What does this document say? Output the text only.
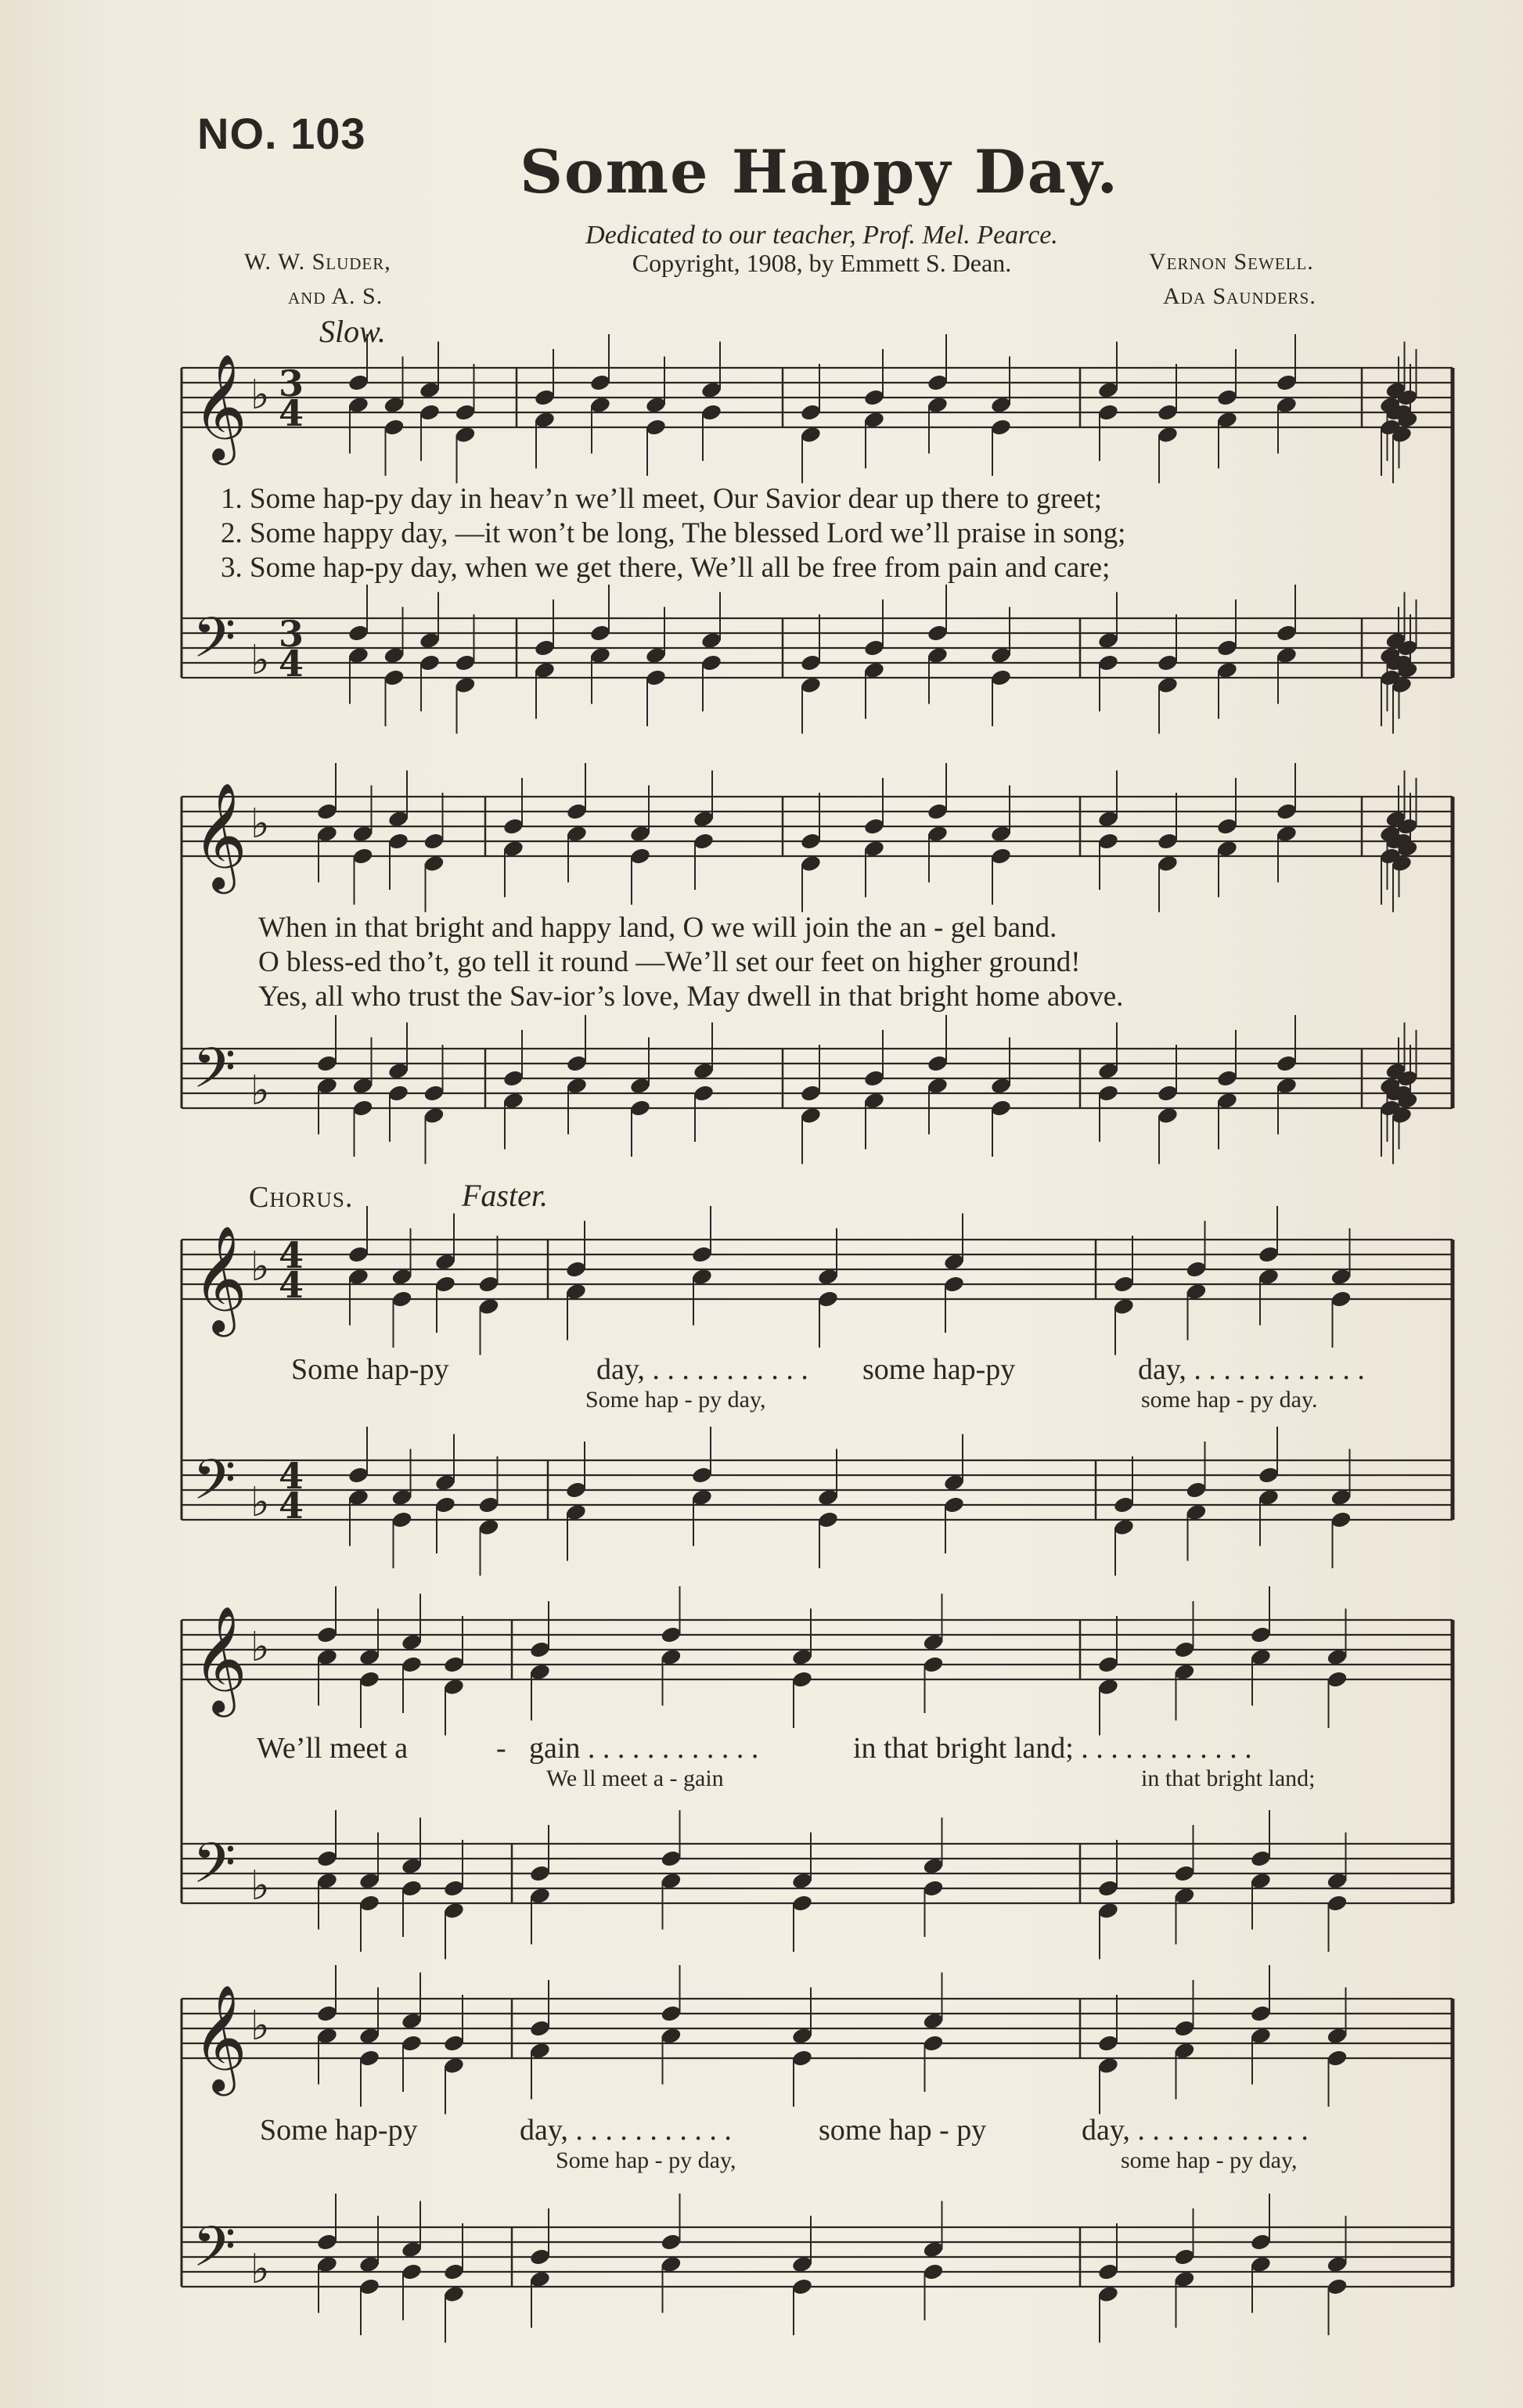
NO. 103
Some Happy Day.
Dedicated to our teacher, Prof. Mel. Pearce.
Copyright, 1908, by Emmett S. Dean.
W. W. Sluder,
and A. S.
Vernon Sewell.
Ada Saunders.
Slow.
𝄞
𝄢
♭
♭
3
4
3
4
𝄞
𝄢
♭
♭
𝄞
𝄢
♭
♭
4
4
4
4
𝄞
𝄢
♭
♭
𝄞
𝄢
♭
♭
1. Some hap-py day in heav’n we’ll meet, Our Savior dear up there to greet;
2. Some happy day, —it won’t be long, The blessed Lord we’ll praise in song;
3. Some hap-py day, when we get there, We’ll all be free from pain and care;
When in that bright and happy land, O we will join the an - gel band.
O bless-ed tho’t, go tell it round —We’ll set our feet on higher ground!
Yes, all who trust the Sav-ior’s love, May dwell in that bright home above.
Chorus.	Faster.
Some hap-py	day, . . . . . . . . . . . some hap-py	day, . . . . . . . . . . . .
Some hap - py day,	some hap - py day.
We’ll meet a	- gain . . . . . . . . . . . .	in that bright land; . . . . . . . . . . . .
We ll meet a - gain	in that bright land;
Some hap-py	day, . . . . . . . . . . .	some hap - py	day, . . . . . . . . . . . .
Some hap - py day,	some hap - py day,
